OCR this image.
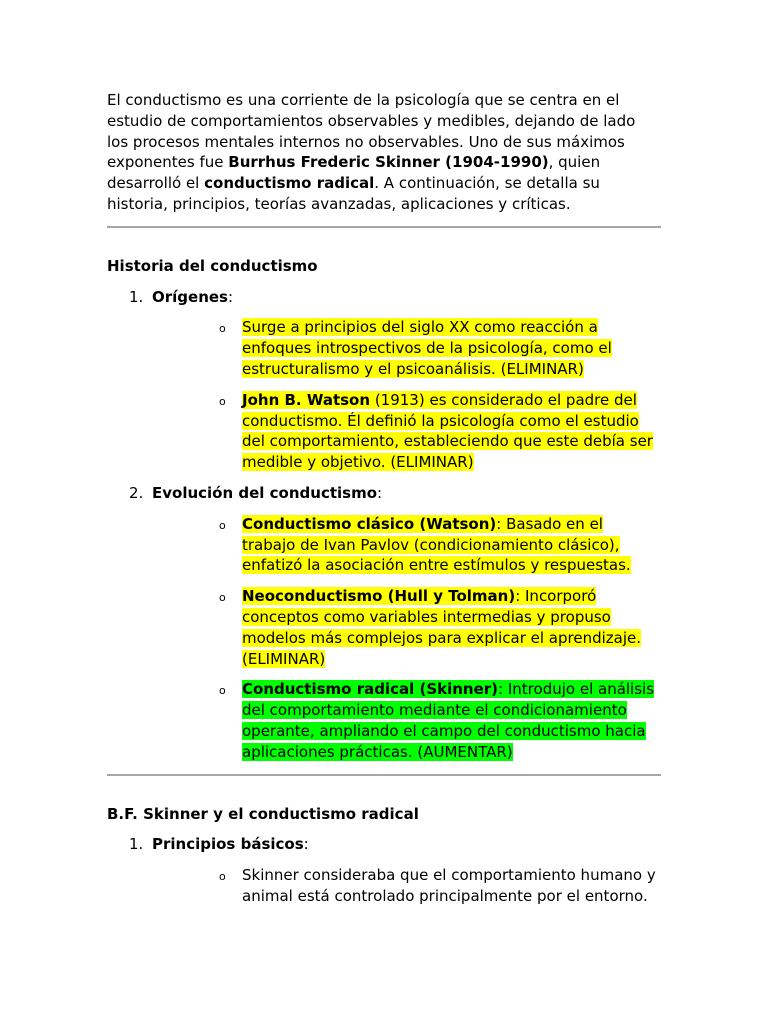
El conductismo es una corriente de la psicología que se centra en el estudio de comportamientos observables y medibles, dejando de lado los procesos mentales internos no observables. Uno de sus máximos exponentes fue Burrhus Frederic Skinner (1904-1990), quien desarrolló el conductismo radical. A continuación, se detalla su historia, principios, teorías avanzadas, aplicaciones y críticas.

Historia del conductismo
1. Orígenes:
o Surge a principios del siglo XX como reacción a enfoques introspectivos de la psicología, como el estructuralismo y el psicoanálisis. (ELIMINAR)
o John B. Watson (1913) es considerado el padre del conductismo. Él definió la psicología como el estudio del comportamiento, estableciendo que este debía ser medible y objetivo. (ELIMINAR)
2. Evolución del conductismo:
o Conductismo clásico (Watson): Basado en el trabajo de Ivan Pavlov (condicionamiento clásico), enfatizó la asociación entre estímulos y respuestas.
o Neoconductismo (Hull y Tolman): Incorporó conceptos como variables intermedias y propuso modelos más complejos para explicar el aprendizaje. (ELIMINAR)
o Conductismo radical (Skinner): Introdujo el análisis del comportamiento mediante el condicionamiento operante, ampliando el campo del conductismo hacia aplicaciones prácticas. (AUMENTAR)
B.F. Skinner y el conductismo radical
1. Principios básicos:
o Skinner consideraba que el comportamiento humano y animal está controlado principalmente por el entorno.
